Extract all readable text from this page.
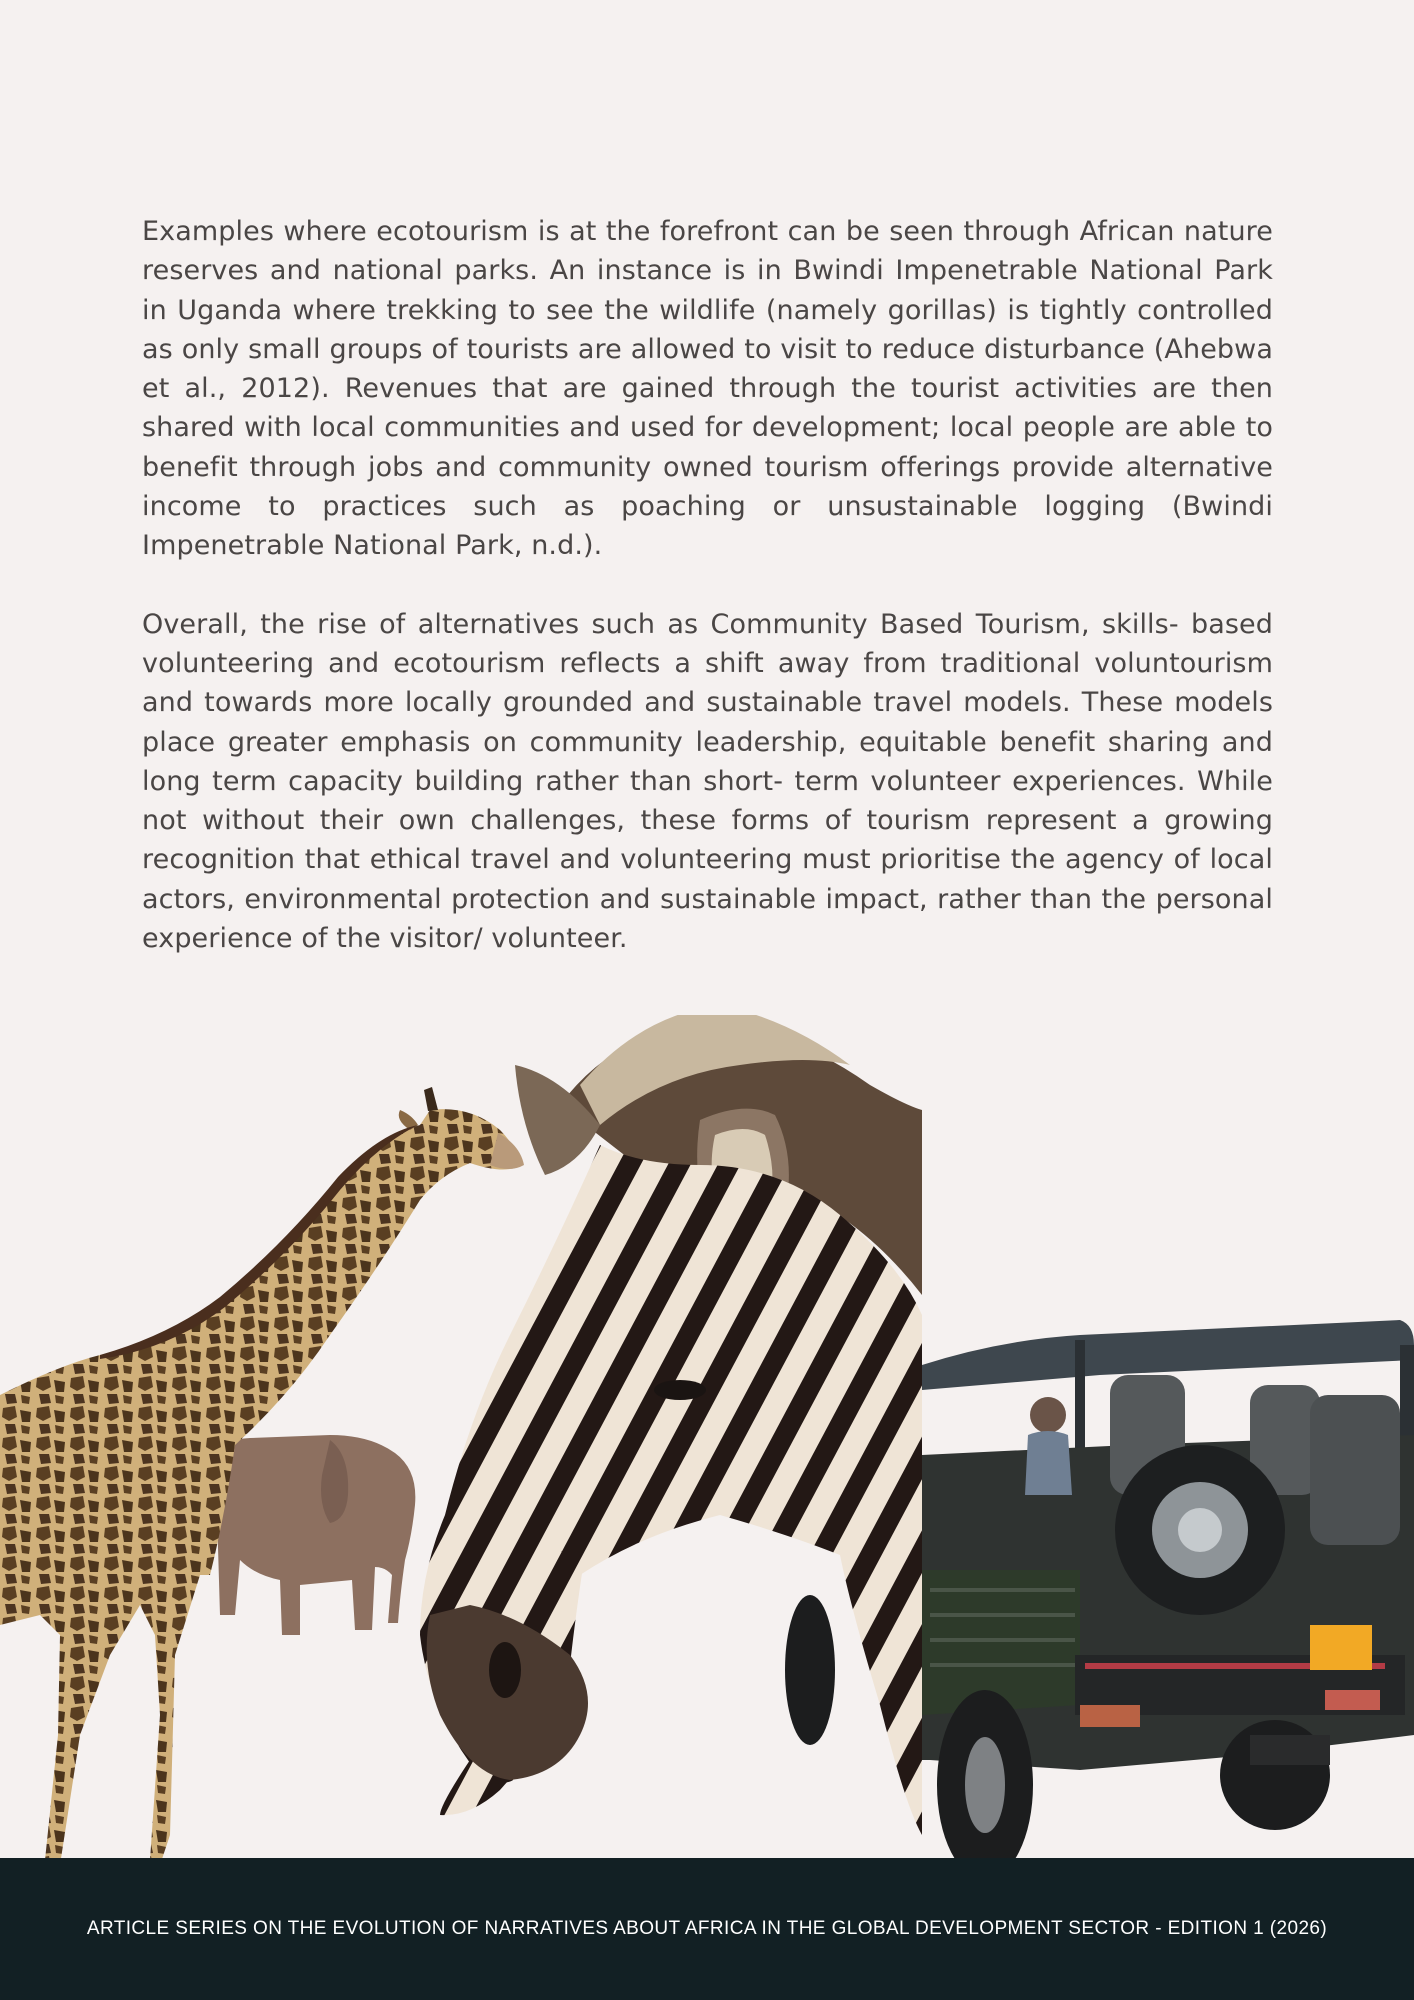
Examples where ecotourism is at the forefront can be seen through African nature reserves and national parks. An instance is in Bwindi Impenetrable National Park in Uganda where trekking to see the wildlife (namely gorillas) is tightly controlled as only small groups of tourists are allowed to visit to reduce disturbance (Ahebwa et al., 2012). Revenues that are gained through the tourist activities are then shared with local communities and used for development; local people are able to benefit through jobs and community owned tourism offerings provide alternative income to practices such as poaching or unsustainable logging (Bwindi Impenetrable National Park, n.d.).

Overall, the rise of alternatives such as Community Based Tourism, skills- based volunteering and ecotourism reflects a shift away from traditional voluntourism and towards more locally grounded and sustainable travel models. These models place greater emphasis on community leadership, equitable benefit sharing and long term capacity building rather than short- term volunteer experiences. While not without their own challenges, these forms of tourism represent a growing recognition that ethical travel and volunteering must prioritise the agency of local actors, environmental protection and sustainable impact, rather than the personal experience of the visitor/ volunteer.

ARTICLE SERIES ON THE EVOLUTION OF NARRATIVES ABOUT AFRICA IN THE GLOBAL DEVELOPMENT SECTOR - EDITION 1 (2026)
